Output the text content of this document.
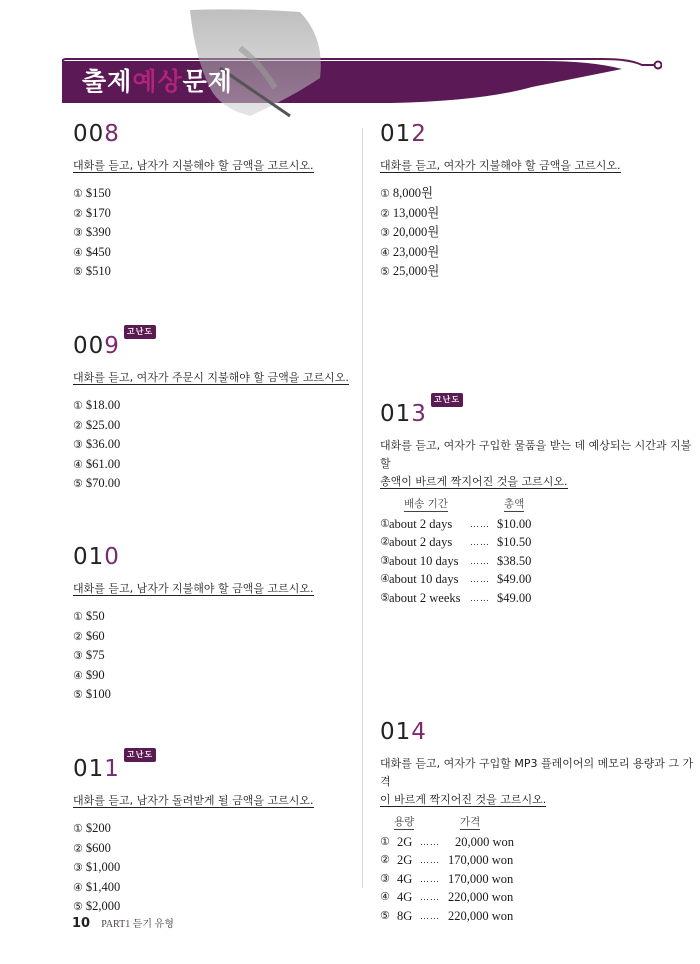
출제예상문제
008
대화를 듣고, 남자가 지불해야 할 금액을 고르시오.
① $150
② $170
③ $390
④ $450
⑤ $510
009고난도
대화를 듣고, 여자가 주문시 지불해야 할 금액을 고르시오.
① $18.00
② $25.00
③ $36.00
④ $61.00
⑤ $70.00
010
대화를 듣고, 남자가 지불해야 할 금액을 고르시오.
① $50
② $60
③ $75
④ $90
⑤ $100
011고난도
대화를 듣고, 남자가 돌려받게 될 금액을 고르시오.
① $200
② $600
③ $1,000
④ $1,400
⑤ $2,000
012
대화를 듣고, 여자가 지불해야 할 금액을 고르시오.
① 8,000원
② 13,000원
③ 20,000원
④ 23,000원
⑤ 25,000원
013고난도
대화를 듣고, 여자가 구입한 물품을 받는 데 예상되는 시간과 지불할
총액이 바르게 짝지어진 것을 고르시오.
배송 기간	총액
① about 2 days …… $10.00
② about 2 days …… $10.50
③ about 10 days …… $38.50
④ about 10 days …… $49.00
⑤ about 2 weeks …… $49.00
014
대화를 듣고, 여자가 구입할 MP3 플레이어의 메모리 용량과 그 가격
이 바르게 짝지어진 것을 고르시오.
용량	가격
① 2G …… 20,000 won
② 2G …… 170,000 won
③ 4G …… 170,000 won
④ 4G …… 220,000 won
⑤ 8G …… 220,000 won
10 PART1 듣기 유형
